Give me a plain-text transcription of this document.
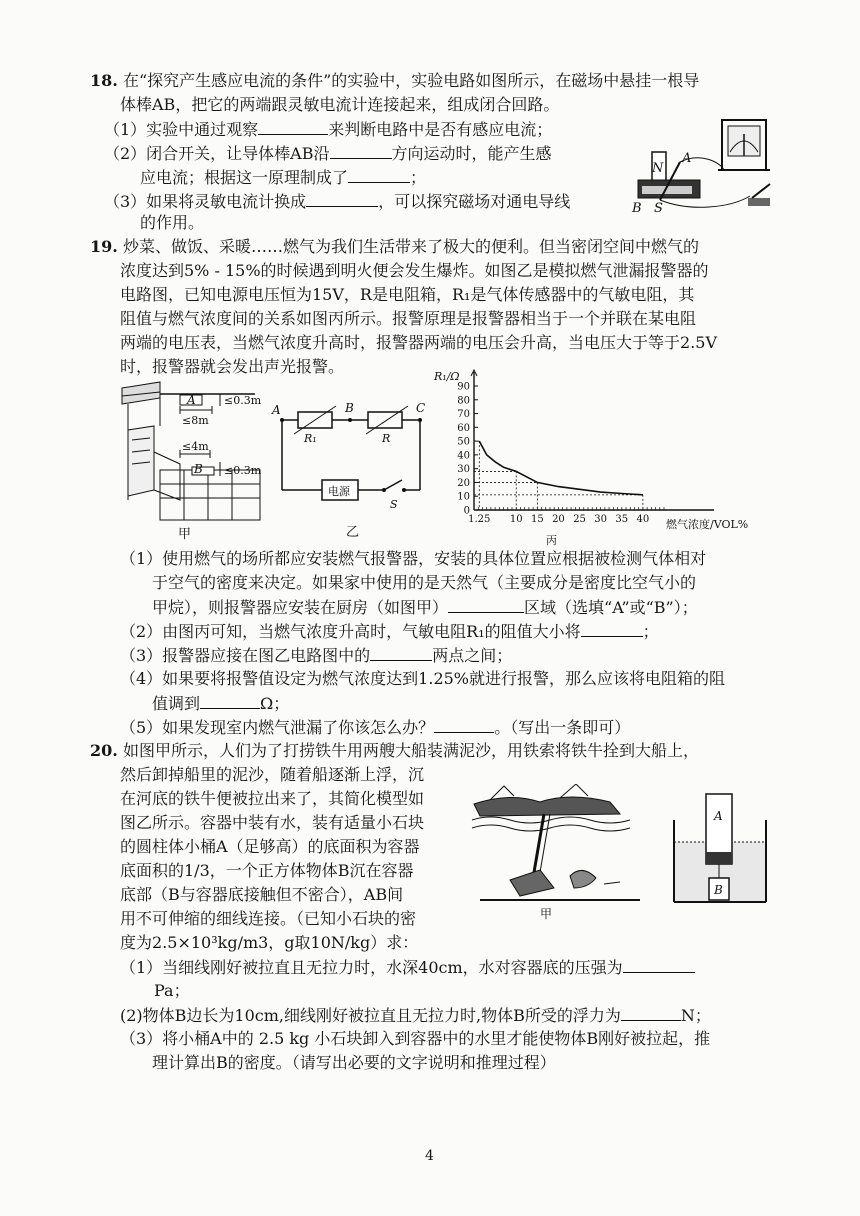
18. 在“探究产生感应电流的条件”的实验中，实验电路如图所示，在磁场中悬挂一根导
体棒AB，把它的两端跟灵敏电流计连接起来，组成闭合回路。
（1）实验中通过观察	来判断电路中是否有感应电流；
（2）闭合开关，让导体棒AB沿	方向运动时，能产生感
应电流；根据这一原理制成了	；
（3）如果将灵敏电流计换成	，可以探究磁场对通电导线
的作用。
N
A
B S
19. 炒菜、做饭、采暖……燃气为我们生活带来了极大的便利。但当密闭空间中燃气的
浓度达到5% - 15%的时候遇到明火便会发生爆炸。如图乙是模拟燃气泄漏报警器的
电路图，已知电源电压恒为15V，R是电阻箱，R₁是气体传感器中的气敏电阻，其
阻值与燃气浓度间的关系如图丙所示。报警原理是报警器相当于一个并联在某电阻
两端的电压表，当燃气浓度升高时，报警器两端的电压会升高，当电压大于等于2.5V
时，报警器就会发出声光报警。
A	≤0.3m
≤8m
≤4m
B ≤0.3m
甲
A	B	C
R₁	R
电源
S
乙
0
10
20
30
40
50
60
70
80
90
1.25 10 15 20 25 30 35 40
R₁/Ω
燃气浓度/VOL%
丙
（1）使用燃气的场所都应安装燃气报警器，安装的具体位置应根据被检测气体相对
于空气的密度来决定。如果家中使用的是天然气（主要成分是密度比空气小的
甲烷），则报警器应安装在厨房（如图甲）	区域（选填“A”或“B”）；
（2）由图丙可知，当燃气浓度升高时，气敏电阻R₁的阻值大小将	；
（3）报警器应接在图乙电路图中的	两点之间；
（4）如果要将报警值设定为燃气浓度达到1.25%就进行报警，那么应该将电阻箱的阻
值调到	Ω；
（5）如果发现室内燃气泄漏了你该怎么办？	。（写出一条即可）
20. 如图甲所示，人们为了打捞铁牛用两艘大船装满泥沙，用铁索将铁牛拴到大船上，
然后卸掉船里的泥沙，随着船逐渐上浮，沉
在河底的铁牛便被拉出来了，其简化模型如
图乙所示。容器中装有水，装有适量小石块
的圆柱体小桶A（足够高）的底面积为容器
底面积的1/3，一个正方体物体B沉在容器
底部（B与容器底接触但不密合），AB间
用不可伸缩的细线连接。（已知小石块的密
度为2.5×10³kg/m3，g取10N/kg）求：
甲
A
B
（1）当细线刚好被拉直且无拉力时，水深40cm，水对容器底的压强为
Pa；
(2)物体B边长为10cm,细线刚好被拉直且无拉力时,物体B所受的浮力为	N；
（3）将小桶A中的 2.5 kg 小石块卸入到容器中的水里才能使物体B刚好被拉起，推
理计算出B的密度。（请写出必要的文字说明和推理过程）
4
